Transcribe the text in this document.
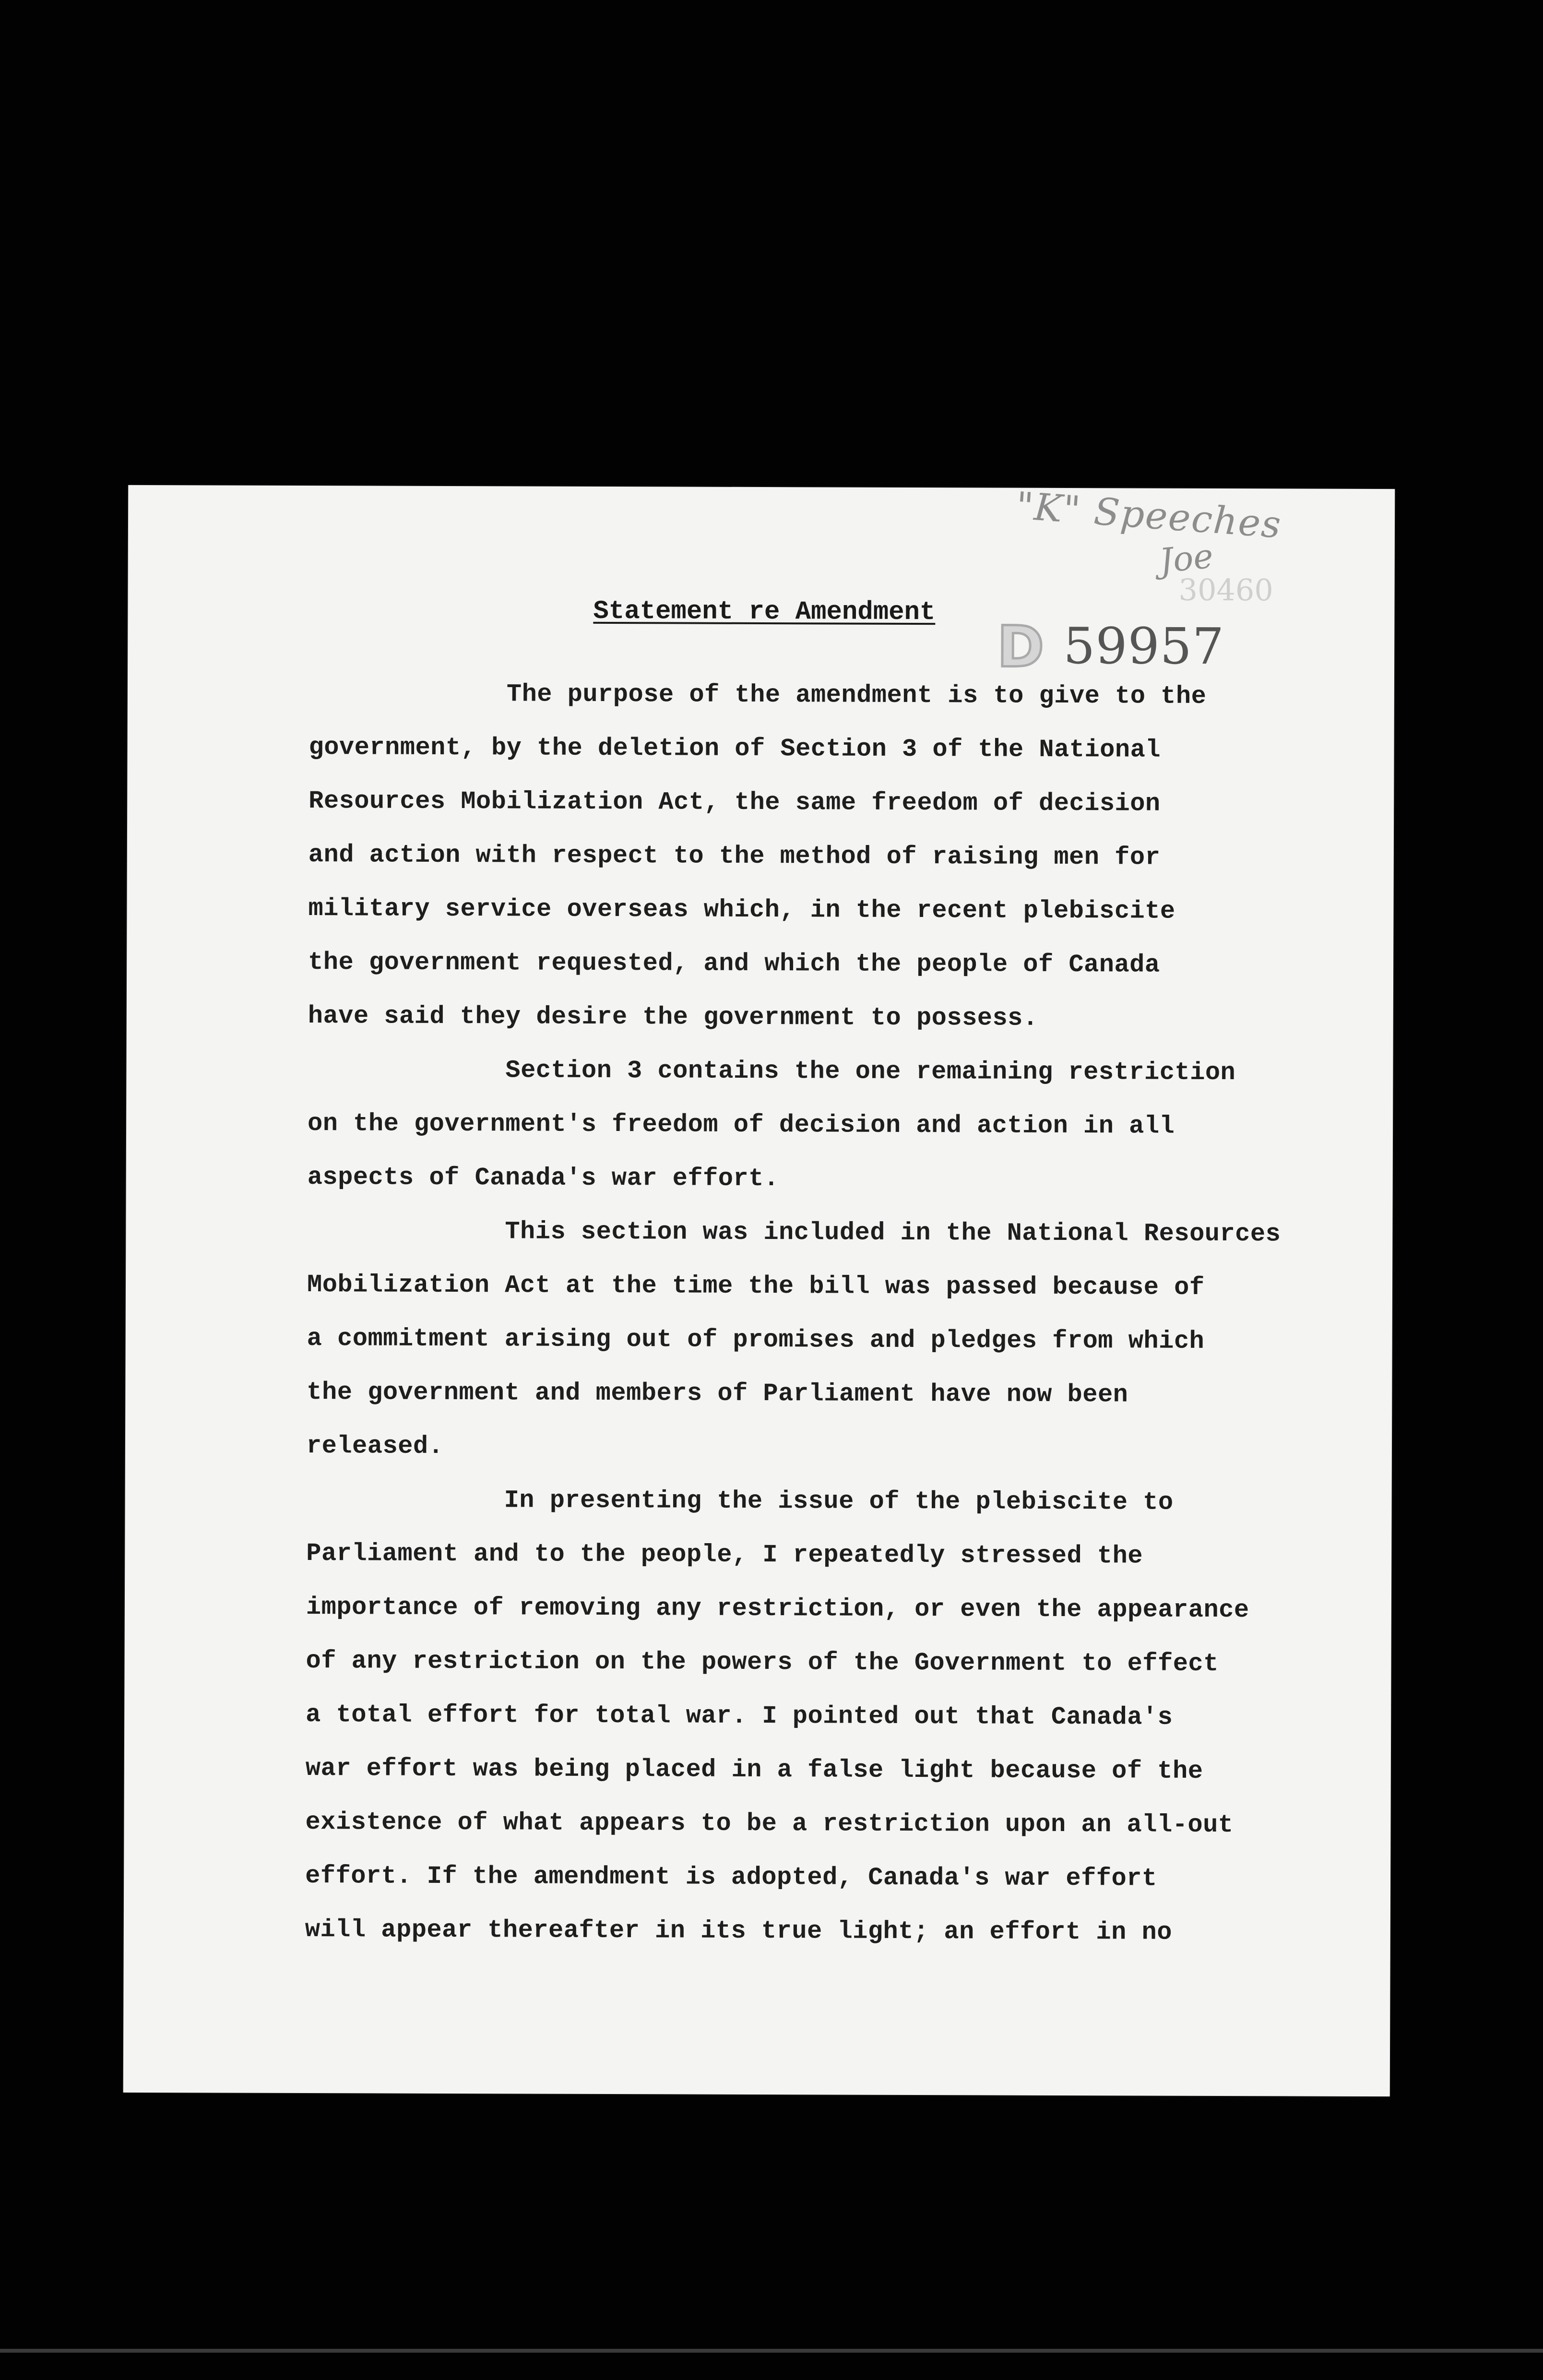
"K" Speeches
Joe
30460
D 59957
Statement re Amendment
The purpose of the amendment is to give to the
government, by the deletion of Section 3 of the National
Resources Mobilization Act, the same freedom of decision
and action with respect to the method of raising men for
military service overseas which, in the recent plebiscite
the government requested, and which the people of Canada
have said they desire the government to possess.
Section 3 contains the one remaining restriction
on the government's freedom of decision and action in all
aspects of Canada's war effort.
This section was included in the National Resources
Mobilization Act at the time the bill was passed because of
a commitment arising out of promises and pledges from which
the government and members of Parliament have now been
released.
In presenting the issue of the plebiscite to
Parliament and to the people, I repeatedly stressed the
importance of removing any restriction, or even the appearance
of any restriction on the powers of the Government to effect
a total effort for total war. I pointed out that Canada's
war effort was being placed in a false light because of the
existence of what appears to be a restriction upon an all-out
effort. If the amendment is adopted, Canada's war effort
will appear thereafter in its true light; an effort in no
